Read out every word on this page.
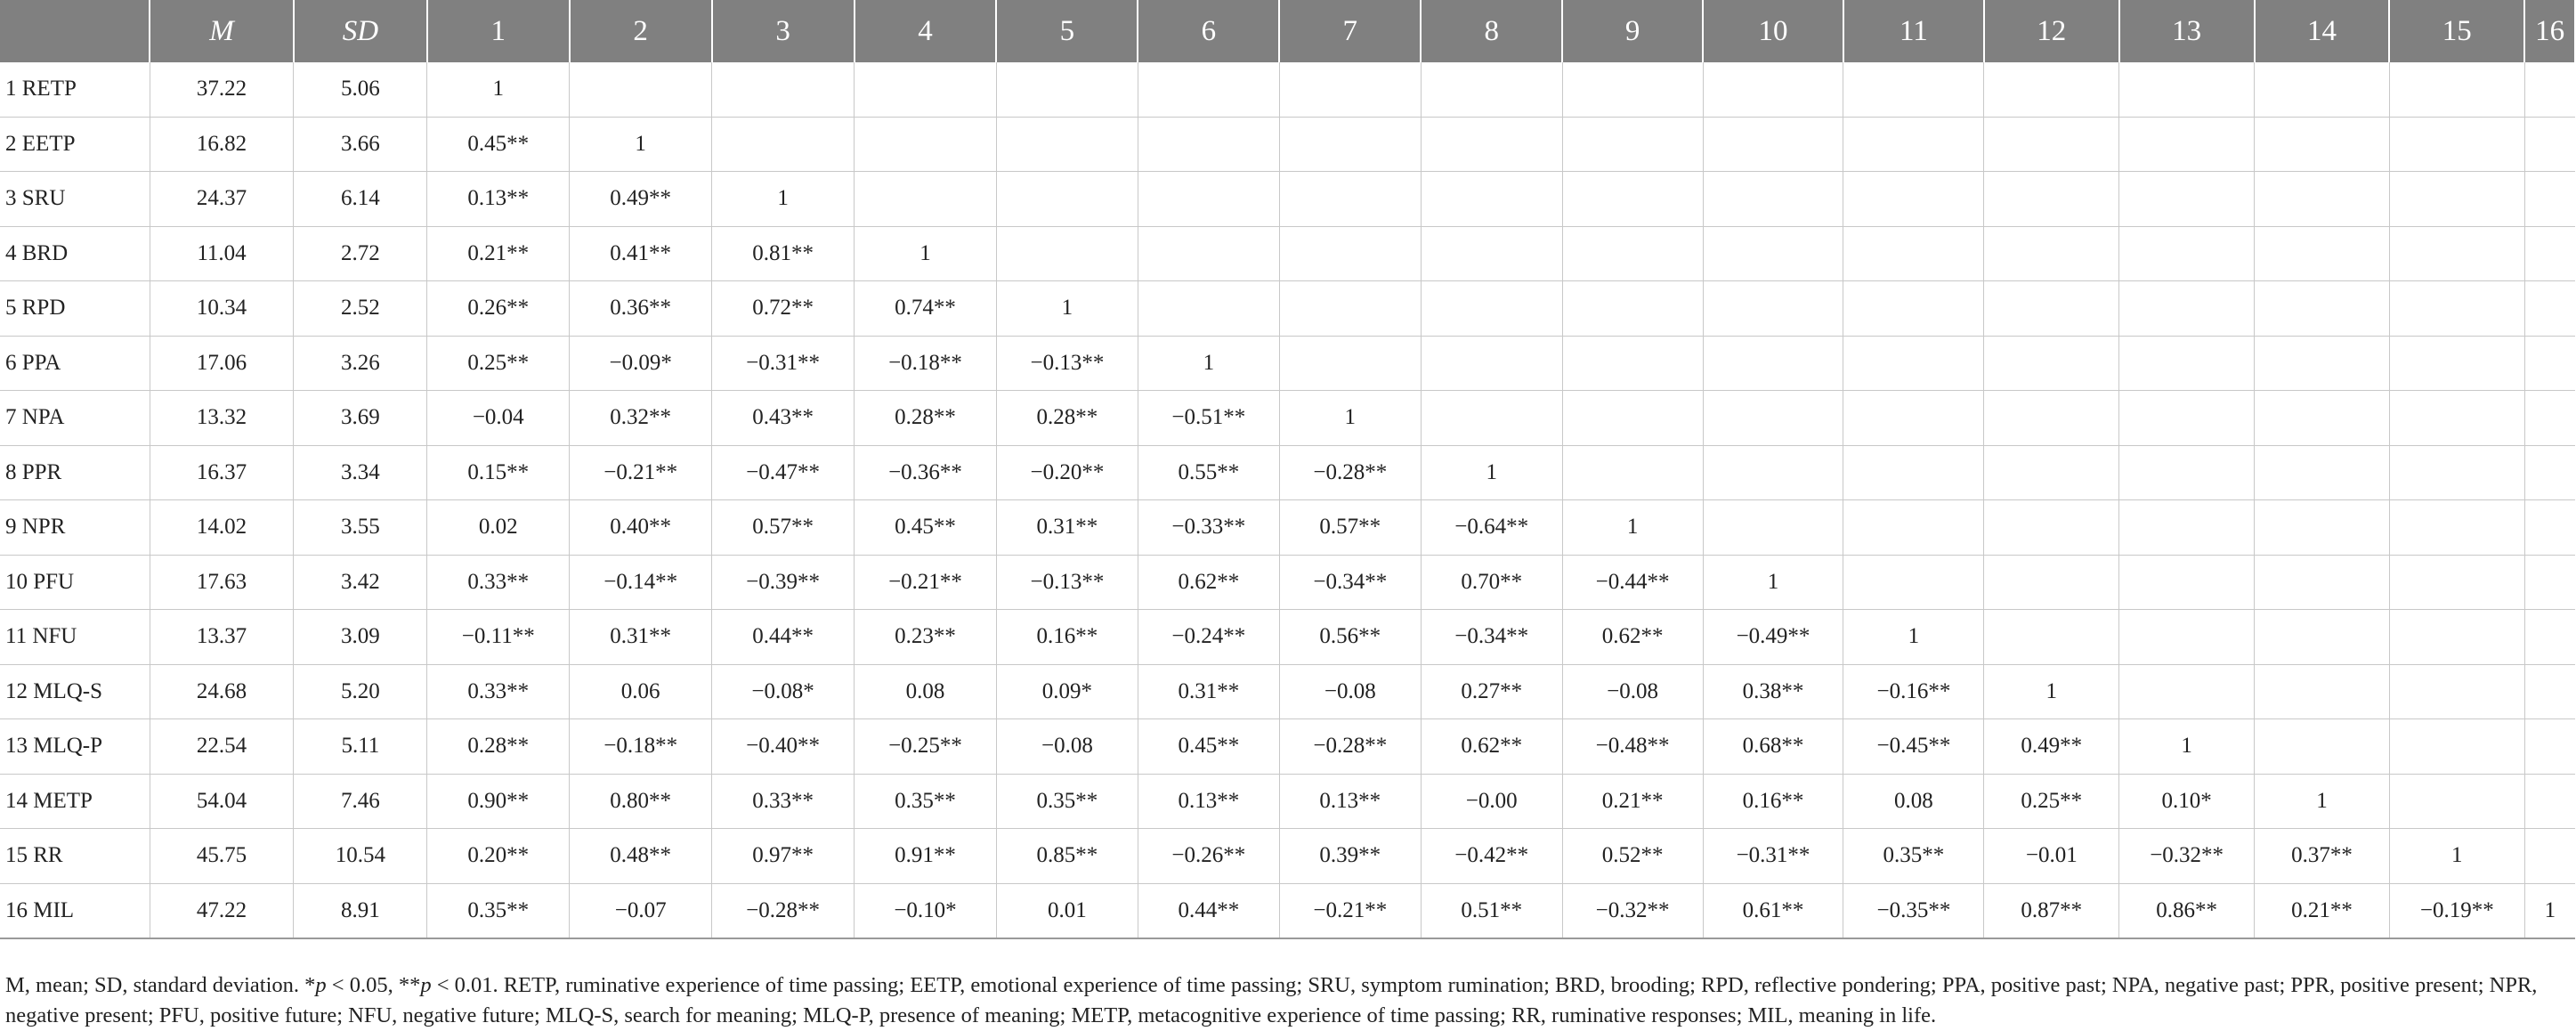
	M	SD	1	2	3	4	5	6	7	8	9	10	11	12	13	14	15	16
1 RETP	37.22	5.06	1															
2 EETP	16.82	3.66	0.45**	1														
3 SRU	24.37	6.14	0.13**	0.49**	1													
4 BRD	11.04	2.72	0.21**	0.41**	0.81**	1												
5 RPD	10.34	2.52	0.26**	0.36**	0.72**	0.74**	1											
6 PPA	17.06	3.26	0.25**	−0.09*	−0.31**	−0.18**	−0.13**	1										
7 NPA	13.32	3.69	−0.04	0.32**	0.43**	0.28**	0.28**	−0.51**	1									
8 PPR	16.37	3.34	0.15**	−0.21**	−0.47**	−0.36**	−0.20**	0.55**	−0.28**	1								
9 NPR	14.02	3.55	0.02	0.40**	0.57**	0.45**	0.31**	−0.33**	0.57**	−0.64**	1							
10 PFU	17.63	3.42	0.33**	−0.14**	−0.39**	−0.21**	−0.13**	0.62**	−0.34**	0.70**	−0.44**	1						
11 NFU	13.37	3.09	−0.11**	0.31**	0.44**	0.23**	0.16**	−0.24**	0.56**	−0.34**	0.62**	−0.49**	1					
12 MLQ-S	24.68	5.20	0.33**	0.06	−0.08*	0.08	0.09*	0.31**	−0.08	0.27**	−0.08	0.38**	−0.16**	1				
13 MLQ-P	22.54	5.11	0.28**	−0.18**	−0.40**	−0.25**	−0.08	0.45**	−0.28**	0.62**	−0.48**	0.68**	−0.45**	0.49**	1			
14 METP	54.04	7.46	0.90**	0.80**	0.33**	0.35**	0.35**	0.13**	0.13**	−0.00	0.21**	0.16**	0.08	0.25**	0.10*	1		
15 RR	45.75	10.54	0.20**	0.48**	0.97**	0.91**	0.85**	−0.26**	0.39**	−0.42**	0.52**	−0.31**	0.35**	−0.01	−0.32**	0.37**	1	
16 MIL	47.22	8.91	0.35**	−0.07	−0.28**	−0.10*	0.01	0.44**	−0.21**	0.51**	−0.32**	0.61**	−0.35**	0.87**	0.86**	0.21**	−0.19**	1
M, mean; SD, standard deviation. *p < 0.05, **p < 0.01. RETP, ruminative experience of time passing; EETP, emotional experience of time passing; SRU, symptom rumination; BRD, brooding; RPD, reflective pondering; PPA, positive past; NPA, negative past; PPR, positive present; NPR, negative present; PFU, positive future; NFU, negative future; MLQ-S, search for meaning; MLQ-P, presence of meaning; METP, metacognitive experience of time passing; RR, ruminative responses; MIL, meaning in life.
